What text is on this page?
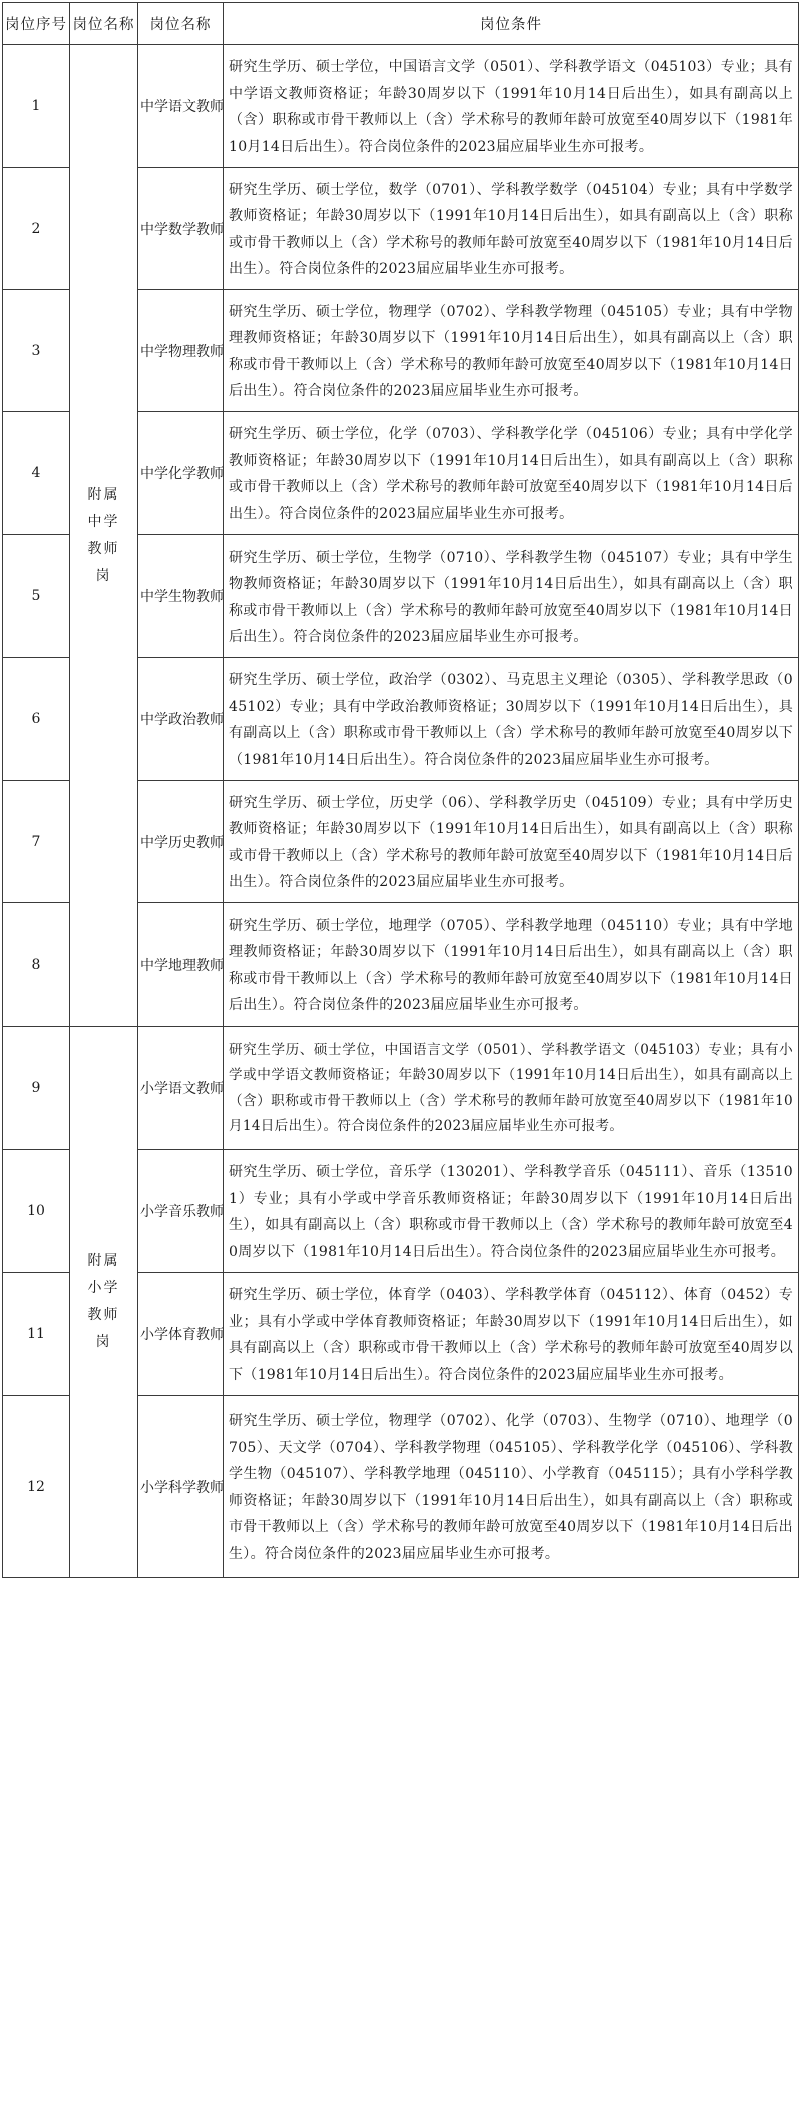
岗位序号	岗位名称	岗位名称	岗位条件
1	附属中学教师岗	中学语文教师	研究生学历、硕士学位，中国语言文学（0501）、学科教学语文（045103）专业；具有中学语文教师资格证；年龄30周岁以下（1991年10月14日后出生），如具有副高以上（含）职称或市骨干教师以上（含）学术称号的教师年龄可放宽至40周岁以下（1981年10月14日后出生）。符合岗位条件的2023届应届毕业生亦可报考。
2		中学数学教师	研究生学历、硕士学位，数学（0701）、学科教学数学（045104）专业；具有中学数学教师资格证；年龄30周岁以下（1991年10月14日后出生），如具有副高以上（含）职称或市骨干教师以上（含）学术称号的教师年龄可放宽至40周岁以下（1981年10月14日后出生）。符合岗位条件的2023届应届毕业生亦可报考。
3		中学物理教师	研究生学历、硕士学位，物理学（0702）、学科教学物理（045105）专业；具有中学物理教师资格证；年龄30周岁以下（1991年10月14日后出生），如具有副高以上（含）职称或市骨干教师以上（含）学术称号的教师年龄可放宽至40周岁以下（1981年10月14日后出生）。符合岗位条件的2023届应届毕业生亦可报考。
4		中学化学教师	研究生学历、硕士学位，化学（0703）、学科教学化学（045106）专业；具有中学化学教师资格证；年龄30周岁以下（1991年10月14日后出生），如具有副高以上（含）职称或市骨干教师以上（含）学术称号的教师年龄可放宽至40周岁以下（1981年10月14日后出生）。符合岗位条件的2023届应届毕业生亦可报考。
5		中学生物教师	研究生学历、硕士学位，生物学（0710）、学科教学生物（045107）专业；具有中学生物教师资格证；年龄30周岁以下（1991年10月14日后出生），如具有副高以上（含）职称或市骨干教师以上（含）学术称号的教师年龄可放宽至40周岁以下（1981年10月14日后出生）。符合岗位条件的2023届应届毕业生亦可报考。
6		中学政治教师	研究生学历、硕士学位，政治学（0302）、马克思主义理论（0305）、学科教学思政（045102）专业；具有中学政治教师资格证；30周岁以下（1991年10月14日后出生），具有副高以上（含）职称或市骨干教师以上（含）学术称号的教师年龄可放宽至40周岁以下（1981年10月14日后出生）。符合岗位条件的2023届应届毕业生亦可报考。
7		中学历史教师	研究生学历、硕士学位，历史学（06）、学科教学历史（045109）专业；具有中学历史教师资格证；年龄30周岁以下（1991年10月14日后出生），如具有副高以上（含）职称或市骨干教师以上（含）学术称号的教师年龄可放宽至40周岁以下（1981年10月14日后出生）。符合岗位条件的2023届应届毕业生亦可报考。
8		中学地理教师	研究生学历、硕士学位，地理学（0705）、学科教学地理（045110）专业；具有中学地理教师资格证；年龄30周岁以下（1991年10月14日后出生），如具有副高以上（含）职称或市骨干教师以上（含）学术称号的教师年龄可放宽至40周岁以下（1981年10月14日后出生）。符合岗位条件的2023届应届毕业生亦可报考。
9	附属小学教师岗	小学语文教师	研究生学历、硕士学位，中国语言文学（0501）、学科教学语文（045103）专业；具有小学或中学语文教师资格证；年龄30周岁以下（1991年10月14日后出生），如具有副高以上（含）职称或市骨干教师以上（含）学术称号的教师年龄可放宽至40周岁以下（1981年10月14日后出生）。符合岗位条件的2023届应届毕业生亦可报考。
10		小学音乐教师	研究生学历、硕士学位，音乐学（130201）、学科教学音乐（045111）、音乐（135101）专业；具有小学或中学音乐教师资格证；年龄30周岁以下（1991年10月14日后出生），如具有副高以上（含）职称或市骨干教师以上（含）学术称号的教师年龄可放宽至40周岁以下（1981年10月14日后出生）。符合岗位条件的2023届应届毕业生亦可报考。
11		小学体育教师	研究生学历、硕士学位，体育学（0403）、学科教学体育（045112）、体育（0452）专业；具有小学或中学体育教师资格证；年龄30周岁以下（1991年10月14日后出生），如具有副高以上（含）职称或市骨干教师以上（含）学术称号的教师年龄可放宽至40周岁以下（1981年10月14日后出生）。符合岗位条件的2023届应届毕业生亦可报考。
12		小学科学教师	研究生学历、硕士学位，物理学（0702）、化学（0703）、生物学（0710）、地理学（0705）、天文学（0704）、学科教学物理（045105）、学科教学化学（045106）、学科教学生物（045107）、学科教学地理（045110）、小学教育（045115）；具有小学科学教师资格证；年龄30周岁以下（1991年10月14日后出生），如具有副高以上（含）职称或市骨干教师以上（含）学术称号的教师年龄可放宽至40周岁以下（1981年10月14日后出生）。符合岗位条件的2023届应届毕业生亦可报考。
